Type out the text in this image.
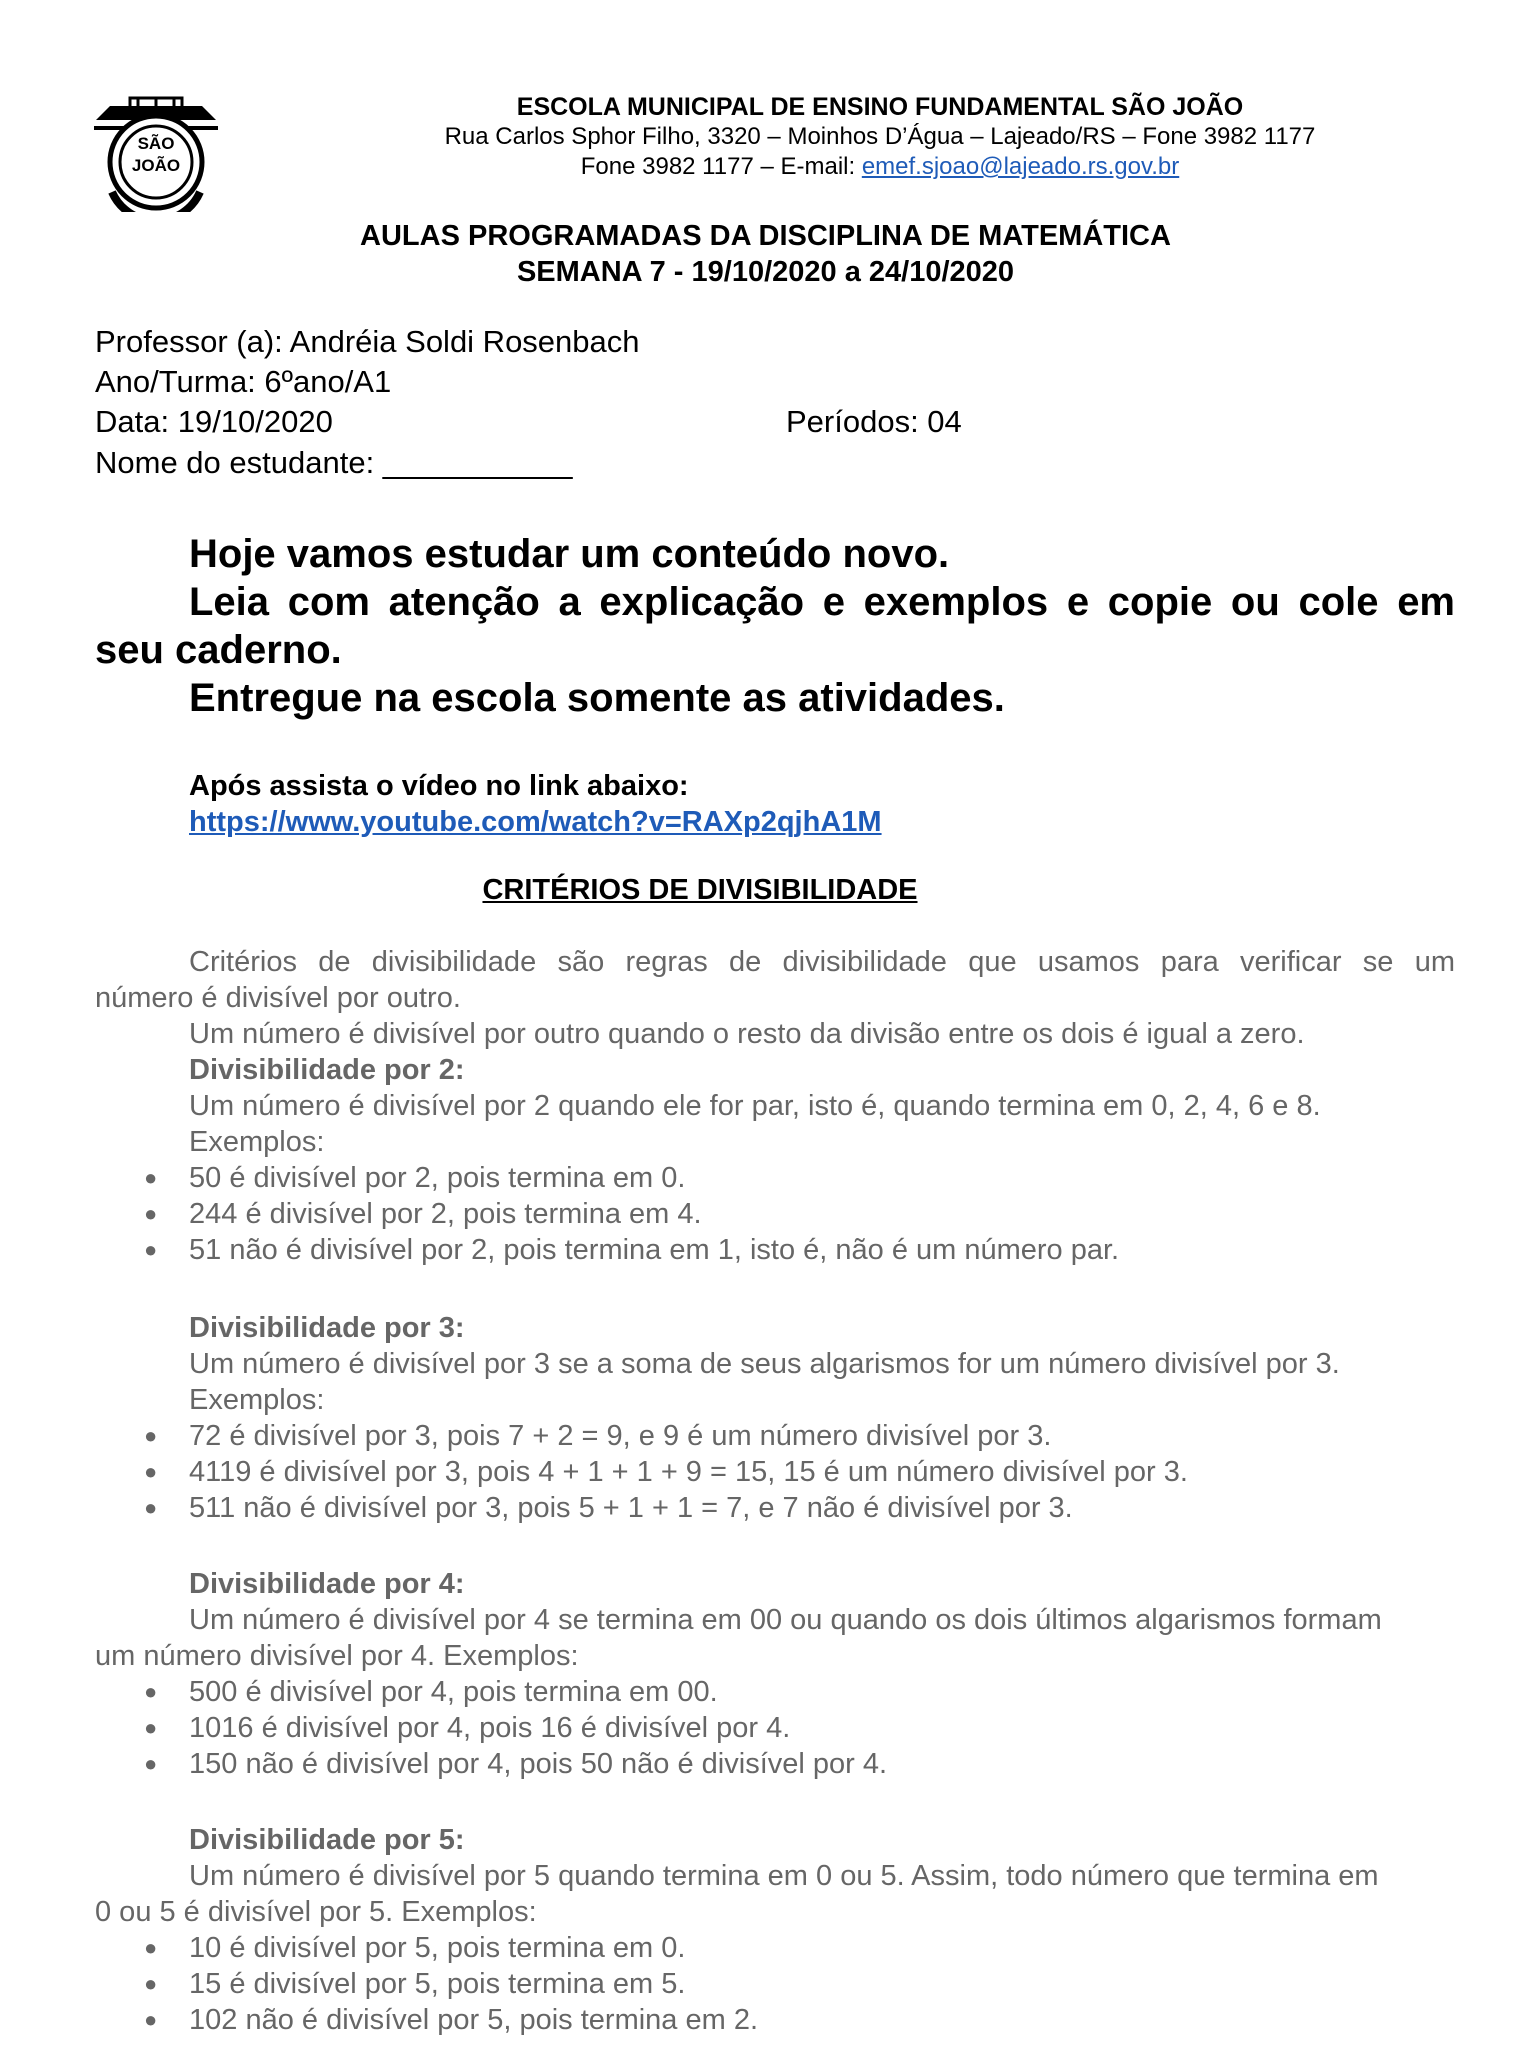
SÃO
JOÃO
ESCOLA MUNICIPAL DE ENSINO FUNDAMENTAL SÃO JOÃO
Rua Carlos Sphor Filho, 3320 – Moinhos D’Água – Lajeado/RS – Fone 3982 1177
Fone 3982 1177 – E-mail: emef.sjoao@lajeado.rs.gov.br
AULAS PROGRAMADAS DA DISCIPLINA DE MATEMÁTICA
SEMANA 7 - 19/10/2020 a 24/10/2020
Professor (a): Andréia Soldi Rosenbach
Ano/Turma: 6ºano/A1
Data: 19/10/2020	Períodos: 04
Nome do estudante: ___________
Hoje vamos estudar um conteúdo novo.
Leia com atenção a explicação e exemplos e copie ou cole em
seu caderno.
Entregue na escola somente as atividades.
Após assista o vídeo no link abaixo:
https://www.youtube.com/watch?v=RAXp2qjhA1M
CRITÉRIOS DE DIVISIBILIDADE
Critérios de divisibilidade são regras de divisibilidade que usamos para verificar se um
número é divisível por outro.
Um número é divisível por outro quando o resto da divisão entre os dois é igual a zero.
Divisibilidade por 2:
Um número é divisível por 2 quando ele for par, isto é, quando termina em 0, 2, 4, 6 e 8.
Exemplos:
● 50 é divisível por 2, pois termina em 0.
● 244 é divisível por 2, pois termina em 4.
● 51 não é divisível por 2, pois termina em 1, isto é, não é um número par.
Divisibilidade por 3:
Um número é divisível por 3 se a soma de seus algarismos for um número divisível por 3.
Exemplos:
● 72 é divisível por 3, pois 7 + 2 = 9, e 9 é um número divisível por 3.
● 4119 é divisível por 3, pois 4 + 1 + 1 + 9 = 15, 15 é um número divisível por 3.
● 511 não é divisível por 3, pois 5 + 1 + 1 = 7, e 7 não é divisível por 3.
Divisibilidade por 4:
Um número é divisível por 4 se termina em 00 ou quando os dois últimos algarismos formam
um número divisível por 4. Exemplos:
● 500 é divisível por 4, pois termina em 00.
● 1016 é divisível por 4, pois 16 é divisível por 4.
● 150 não é divisível por 4, pois 50 não é divisível por 4.
Divisibilidade por 5:
Um número é divisível por 5 quando termina em 0 ou 5. Assim, todo número que termina em
0 ou 5 é divisível por 5. Exemplos:
● 10 é divisível por 5, pois termina em 0.
● 15 é divisível por 5, pois termina em 5.
● 102 não é divisível por 5, pois termina em 2.
